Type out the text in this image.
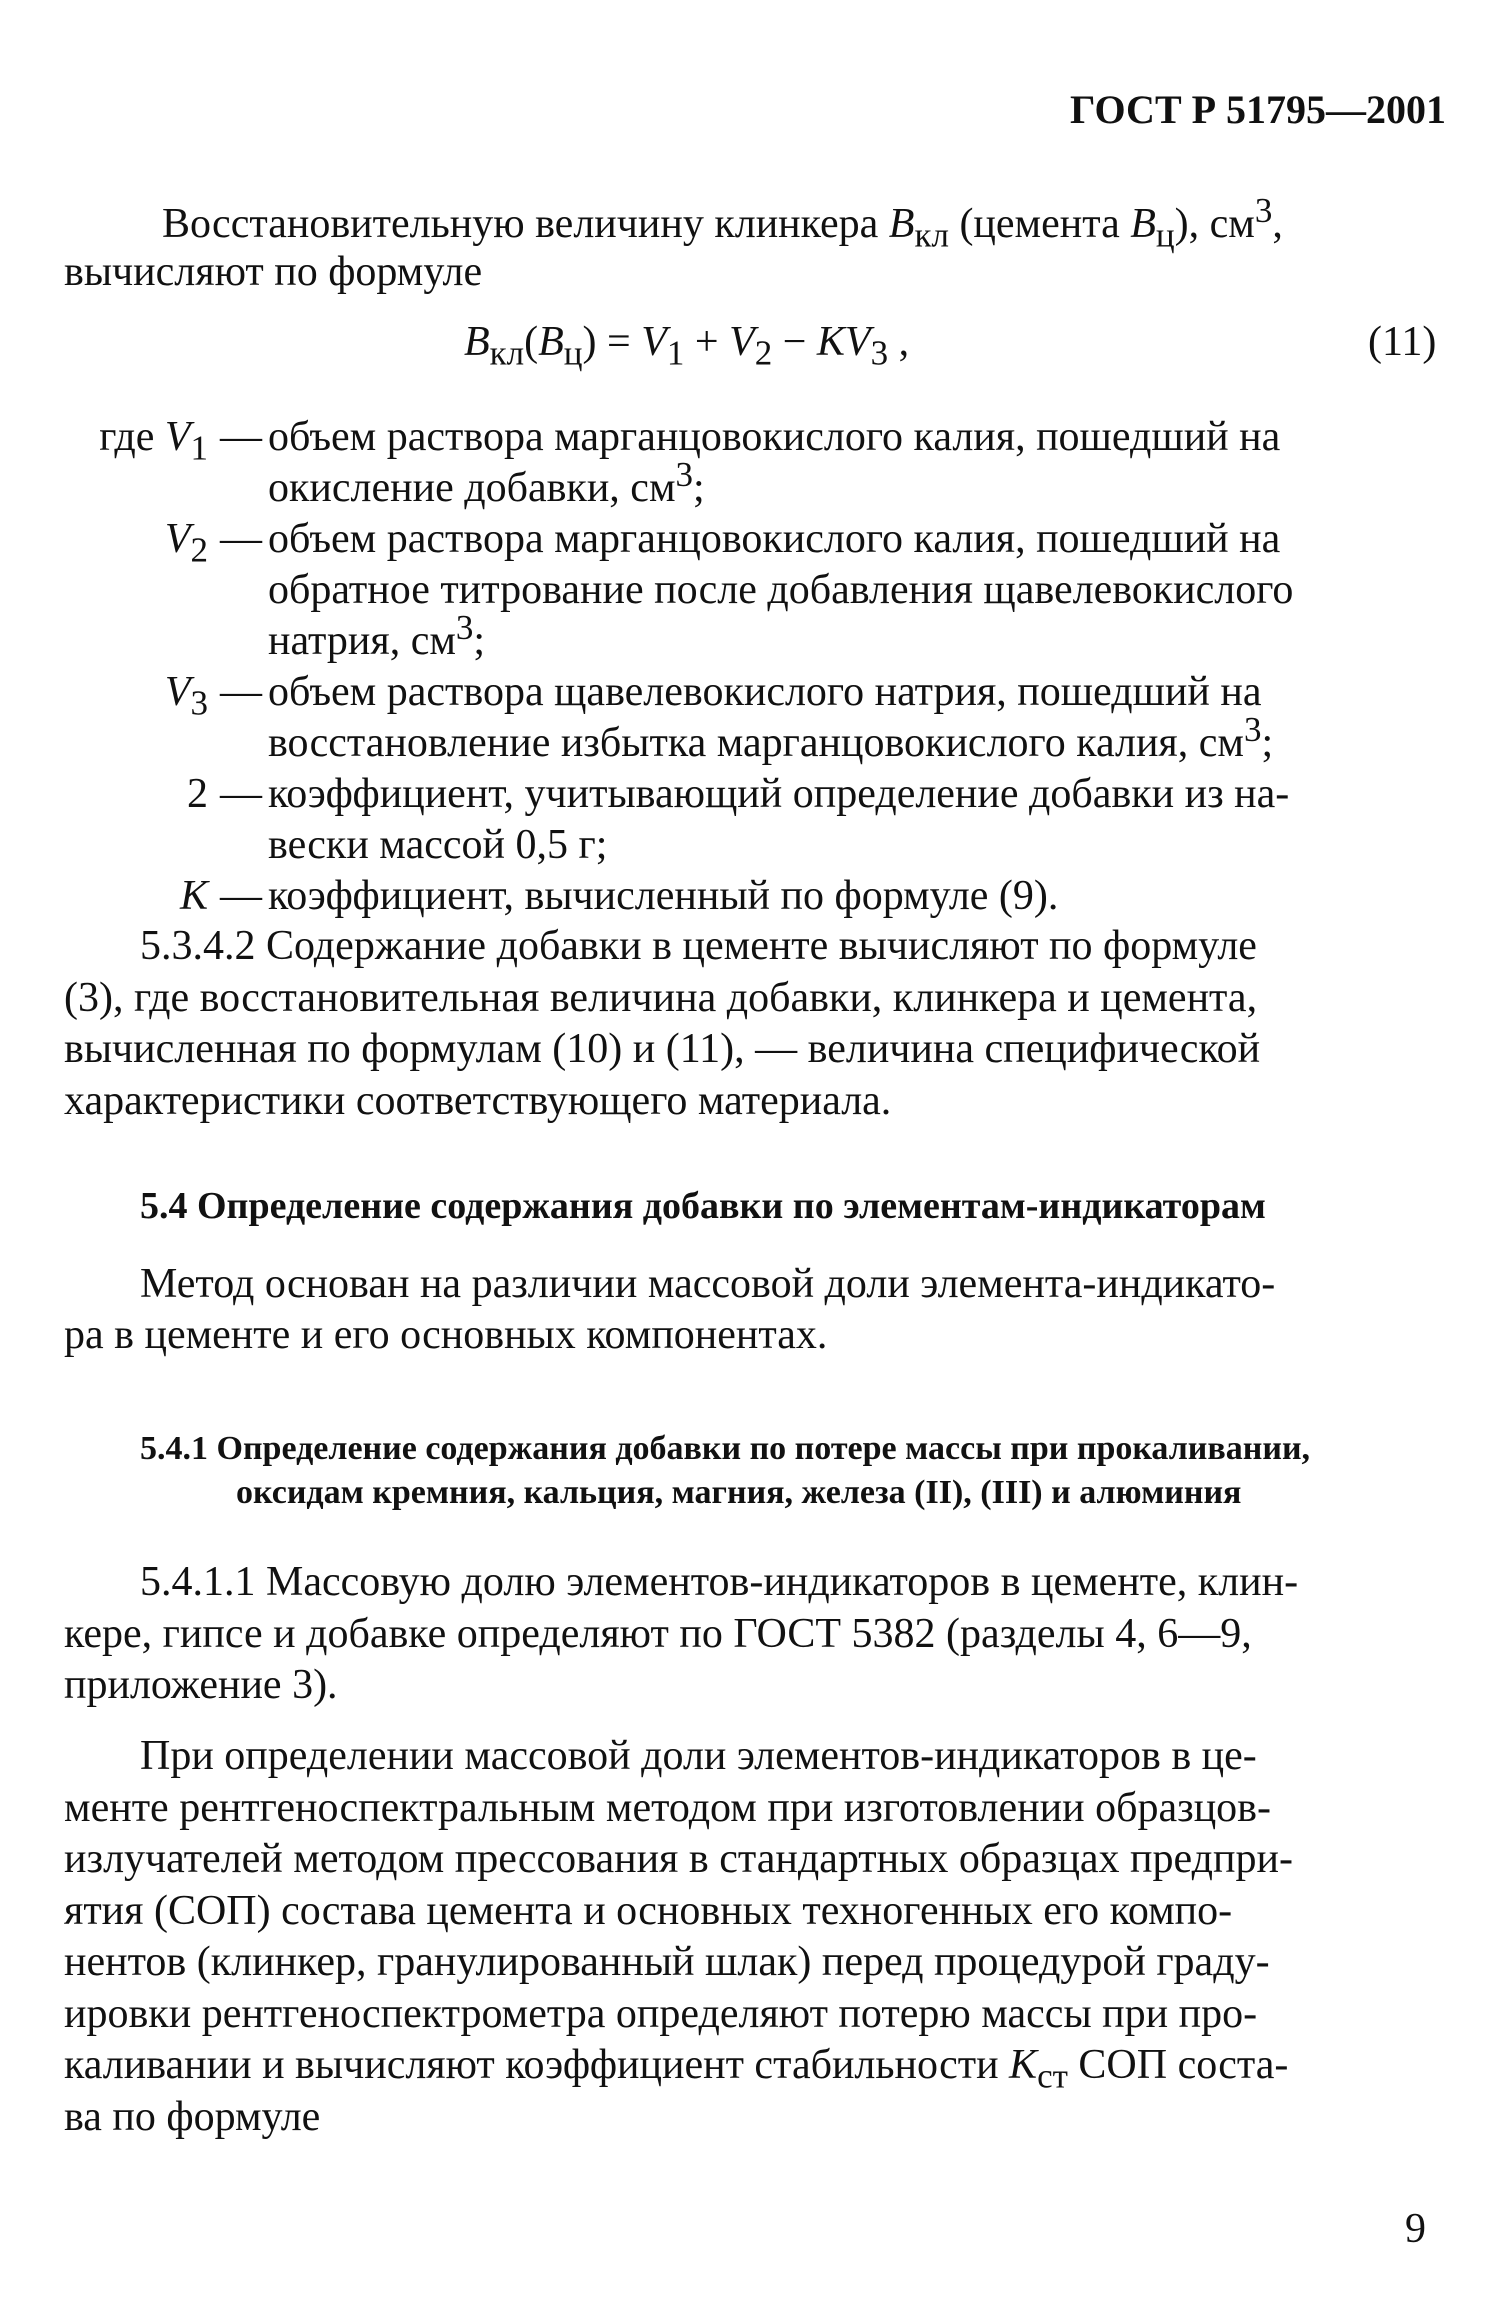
ГОСТ Р 51795—2001
Восстановительную величину клинкера $В_{кл}$ (цемента $В_ц$), $см^3$,
вычисляют по формуле
$В_{кл}(В_ц) = V_1 + V_2 - KV_3$ ,	(11)
где $V_1$ — объем раствора марганцовокислого калия, пошедший на
окисление добавки, $см^3$;
$V_2$ — объем раствора марганцовокислого калия, пошедший на
обратное титрование после добавления щавелевокислого
натрия, $см^3$;
$V_3$ — объем раствора щавелевокислого натрия, пошедший на
восстановление избытка марганцовокислого калия, $см^3$;
2 — коэффициент, учитывающий определение добавки из на-
вески массой 0,5 г;
K — коэффициент, вычисленный по формуле (9).
5.3.4.2 Содержание добавки в цементе вычисляют по формуле
(3), где восстановительная величина добавки, клинкера и цемента,
вычисленная по формулам (10) и (11), — величина специфической
характеристики соответствующего материала.
5.4 Определение содержания добавки по элементам-индикаторам
Метод основан на различии массовой доли элемента-индикато-
ра в цементе и его основных компонентах.
5.4.1 Определение содержания добавки по потере массы при прокаливании,
оксидам кремния, кальция, магния, железа (II), (III) и алюминия
5.4.1.1 Массовую долю элементов-индикаторов в цементе, клин-
кере, гипсе и добавке определяют по ГОСТ 5382 (разделы 4, 6—9,
приложение 3).
При определении массовой доли элементов-индикаторов в це-
менте рентгеноспектральным методом при изготовлении образцов-
излучателей методом прессования в стандартных образцах предпри-
ятия (СОП) состава цемента и основных техногенных его компо-
нентов (клинкер, гранулированный шлак) перед процедурой граду-
ировки рентгеноспектрометра определяют потерю массы при про-
каливании и вычисляют коэффициент стабильности $K_{ст}$ СОП соста-
ва по формуле
9
